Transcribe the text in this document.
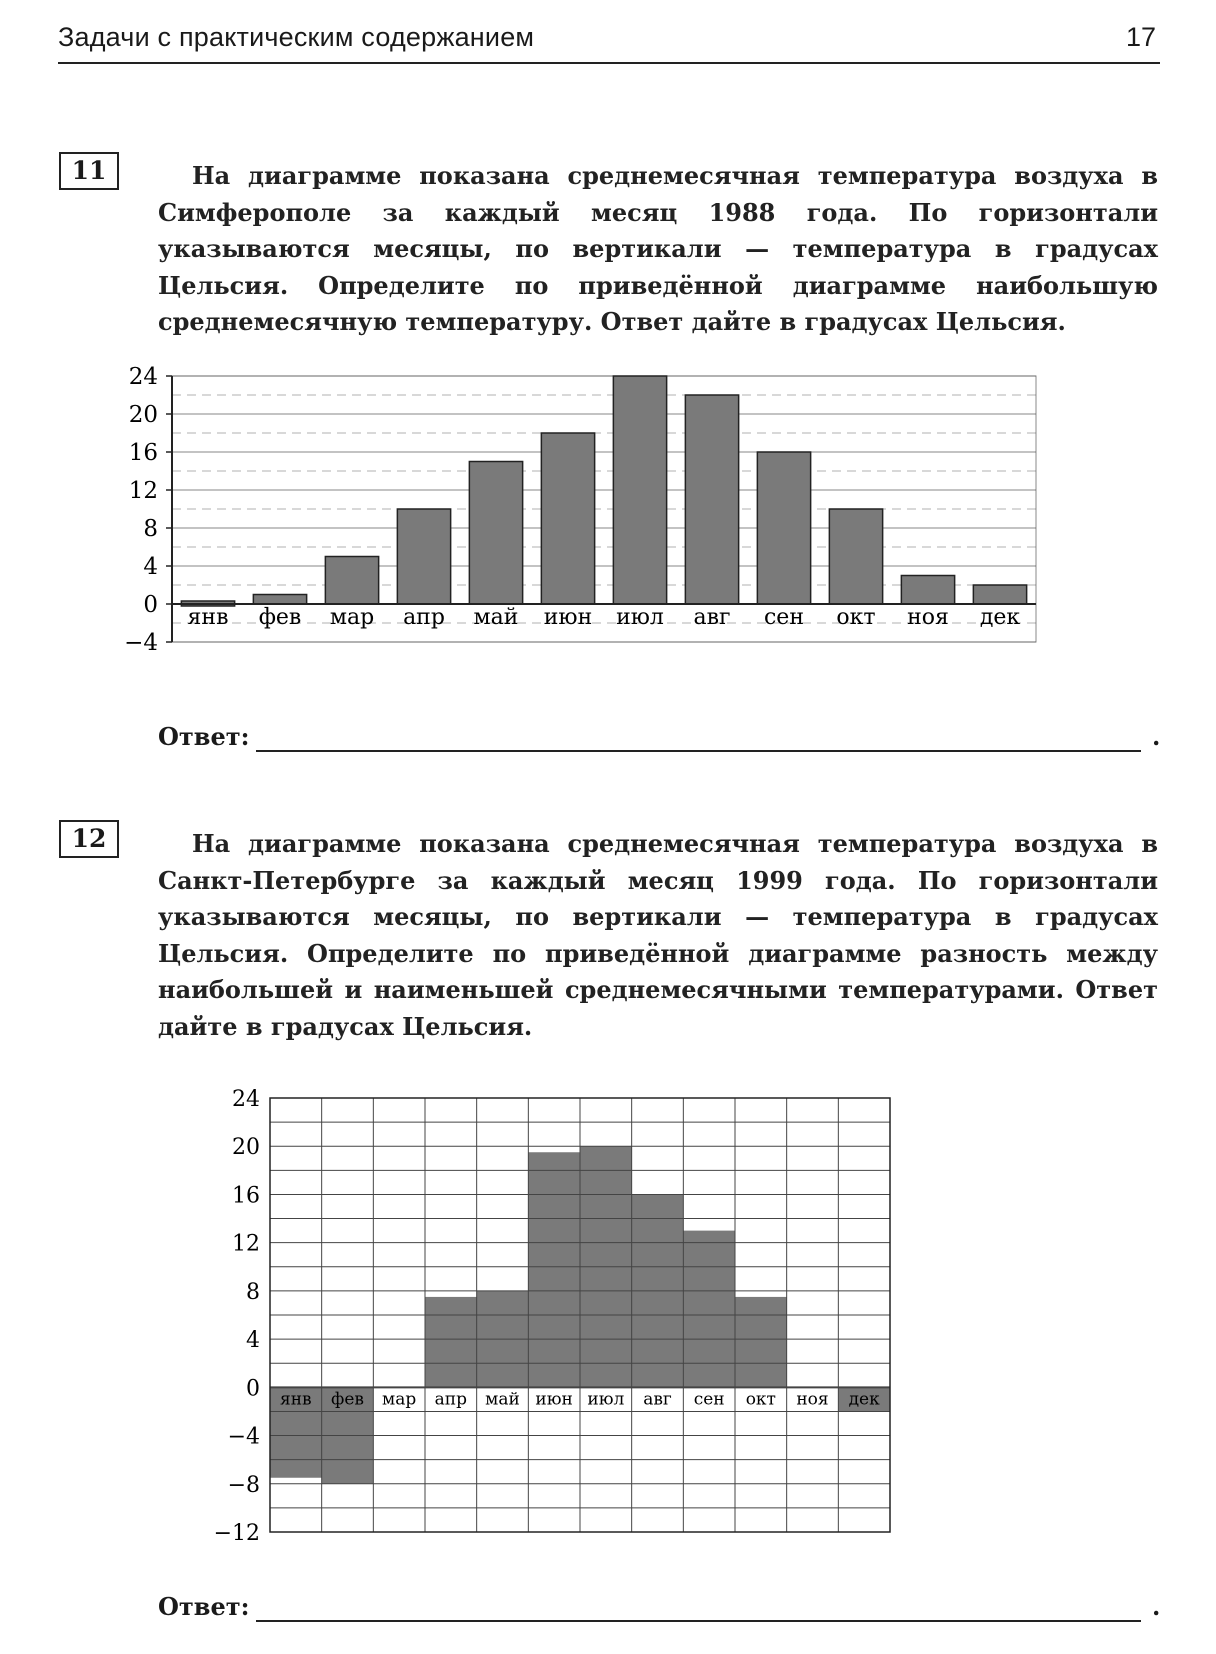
Задачи с практическим содержанием	17
11	На диаграмме показана среднемесячная температура воздуха в Симферополе за каждый месяц 1988 года. По горизонтали указываются месяцы, по вертикали — температура в градусах Цельсия. Определите по приведённой диаграмме наибольшую среднемесячную температуру. Ответ дайте в градусах Цельсия.
24
20
16
12
8
4
0
−4
янв фев мар апр май июн июл авг сен окт ноя дек
Ответ:	.
12	На диаграмме показана среднемесячная температура воздуха в Санкт-Петербурге за каждый месяц 1999 года. По горизонтали указываются месяцы, по вертикали — температура в градусах Цельсия. Определите по приведённой диаграмме разность между наибольшей и наименьшей среднемесячными температурами. Ответ дайте в градусах Цельсия.
24
20
16
12
8
4
0
−4
−8
−12
янв фев мар апр май июн июл авг сен окт ноя дек
Ответ:	.
